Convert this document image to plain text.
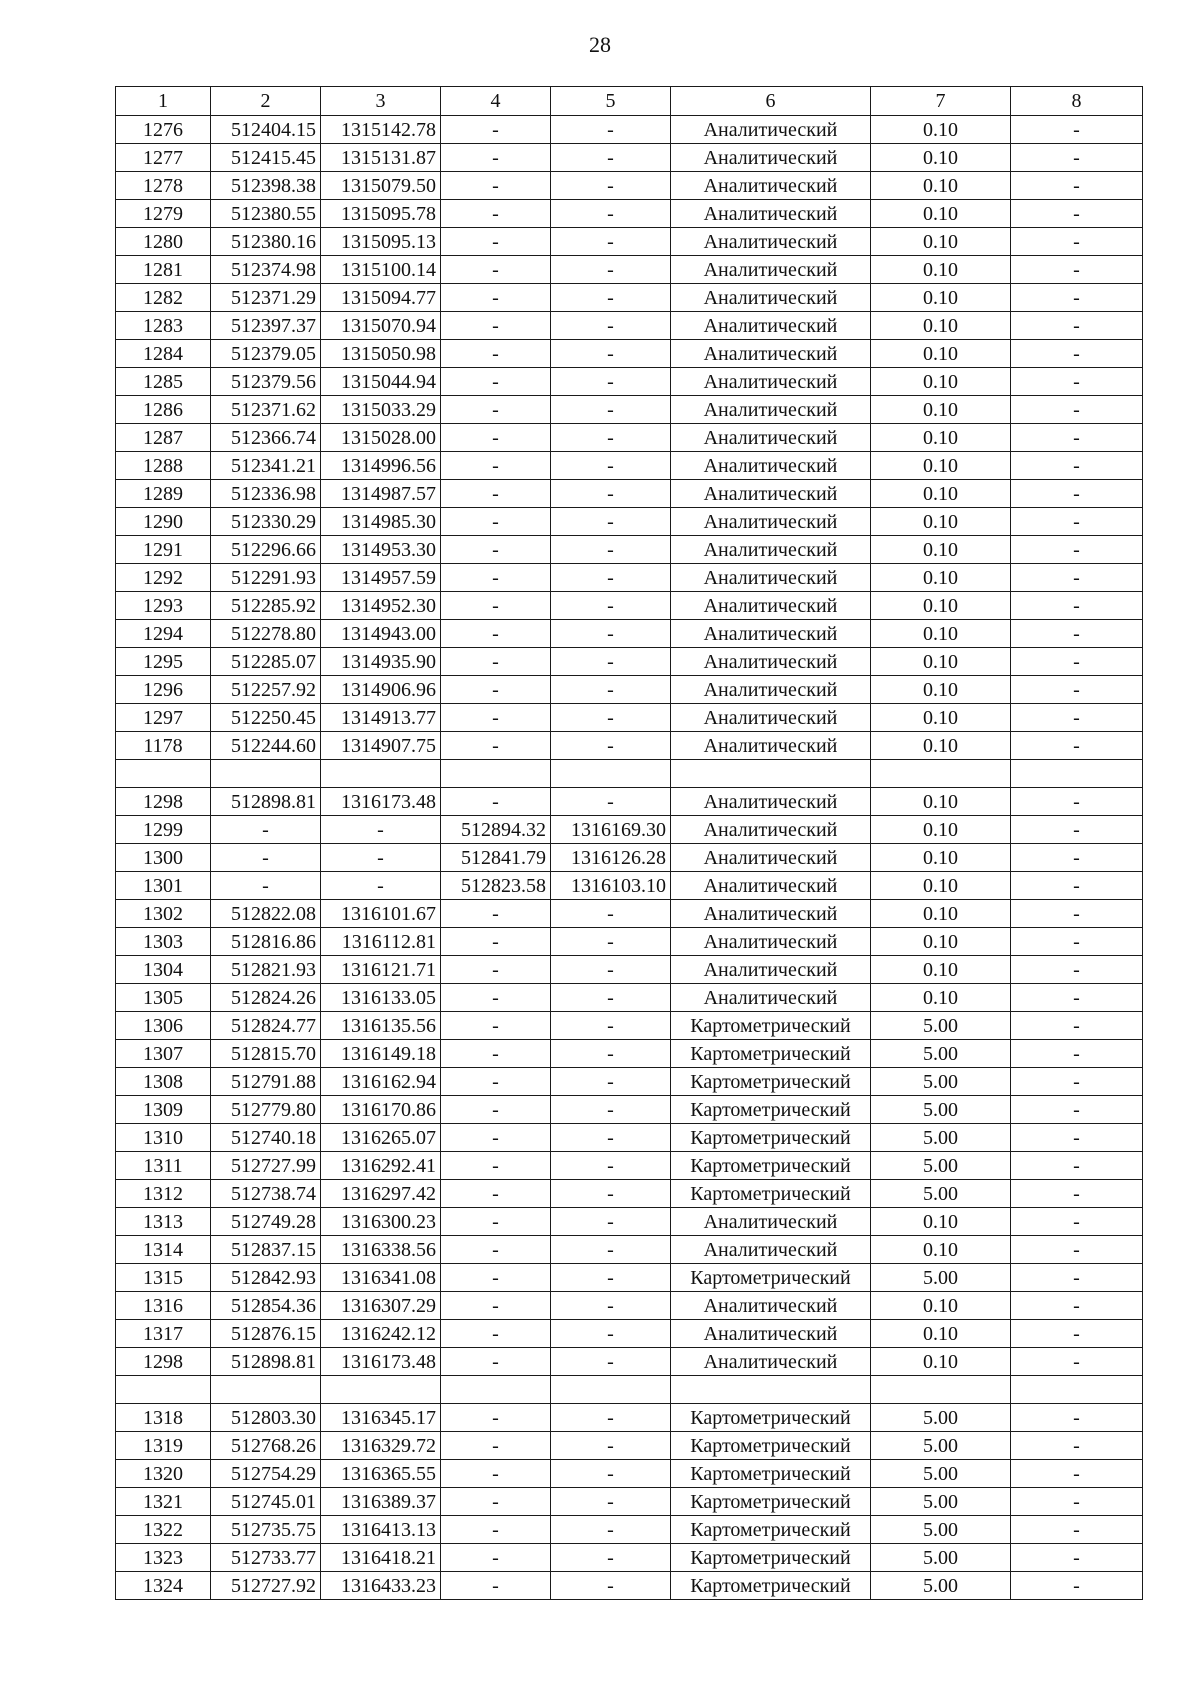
28
1	2	3	4	5	6	7	8
1276	512404.15	1315142.78	-	-	Аналитический	0.10	-
1277	512415.45	1315131.87	-	-	Аналитический	0.10	-
1278	512398.38	1315079.50	-	-	Аналитический	0.10	-
1279	512380.55	1315095.78	-	-	Аналитический	0.10	-
1280	512380.16	1315095.13	-	-	Аналитический	0.10	-
1281	512374.98	1315100.14	-	-	Аналитический	0.10	-
1282	512371.29	1315094.77	-	-	Аналитический	0.10	-
1283	512397.37	1315070.94	-	-	Аналитический	0.10	-
1284	512379.05	1315050.98	-	-	Аналитический	0.10	-
1285	512379.56	1315044.94	-	-	Аналитический	0.10	-
1286	512371.62	1315033.29	-	-	Аналитический	0.10	-
1287	512366.74	1315028.00	-	-	Аналитический	0.10	-
1288	512341.21	1314996.56	-	-	Аналитический	0.10	-
1289	512336.98	1314987.57	-	-	Аналитический	0.10	-
1290	512330.29	1314985.30	-	-	Аналитический	0.10	-
1291	512296.66	1314953.30	-	-	Аналитический	0.10	-
1292	512291.93	1314957.59	-	-	Аналитический	0.10	-
1293	512285.92	1314952.30	-	-	Аналитический	0.10	-
1294	512278.80	1314943.00	-	-	Аналитический	0.10	-
1295	512285.07	1314935.90	-	-	Аналитический	0.10	-
1296	512257.92	1314906.96	-	-	Аналитический	0.10	-
1297	512250.45	1314913.77	-	-	Аналитический	0.10	-
1178	512244.60	1314907.75	-	-	Аналитический	0.10	-

1298	512898.81	1316173.48	-	-	Аналитический	0.10	-
1299	-	-	512894.32	1316169.30	Аналитический	0.10	-
1300	-	-	512841.79	1316126.28	Аналитический	0.10	-
1301	-	-	512823.58	1316103.10	Аналитический	0.10	-
1302	512822.08	1316101.67	-	-	Аналитический	0.10	-
1303	512816.86	1316112.81	-	-	Аналитический	0.10	-
1304	512821.93	1316121.71	-	-	Аналитический	0.10	-
1305	512824.26	1316133.05	-	-	Аналитический	0.10	-
1306	512824.77	1316135.56	-	-	Картометрический	5.00	-
1307	512815.70	1316149.18	-	-	Картометрический	5.00	-
1308	512791.88	1316162.94	-	-	Картометрический	5.00	-
1309	512779.80	1316170.86	-	-	Картометрический	5.00	-
1310	512740.18	1316265.07	-	-	Картометрический	5.00	-
1311	512727.99	1316292.41	-	-	Картометрический	5.00	-
1312	512738.74	1316297.42	-	-	Картометрический	5.00	-
1313	512749.28	1316300.23	-	-	Аналитический	0.10	-
1314	512837.15	1316338.56	-	-	Аналитический	0.10	-
1315	512842.93	1316341.08	-	-	Картометрический	5.00	-
1316	512854.36	1316307.29	-	-	Аналитический	0.10	-
1317	512876.15	1316242.12	-	-	Аналитический	0.10	-
1298	512898.81	1316173.48	-	-	Аналитический	0.10	-

1318	512803.30	1316345.17	-	-	Картометрический	5.00	-
1319	512768.26	1316329.72	-	-	Картометрический	5.00	-
1320	512754.29	1316365.55	-	-	Картометрический	5.00	-
1321	512745.01	1316389.37	-	-	Картометрический	5.00	-
1322	512735.75	1316413.13	-	-	Картометрический	5.00	-
1323	512733.77	1316418.21	-	-	Картометрический	5.00	-
1324	512727.92	1316433.23	-	-	Картометрический	5.00	-
